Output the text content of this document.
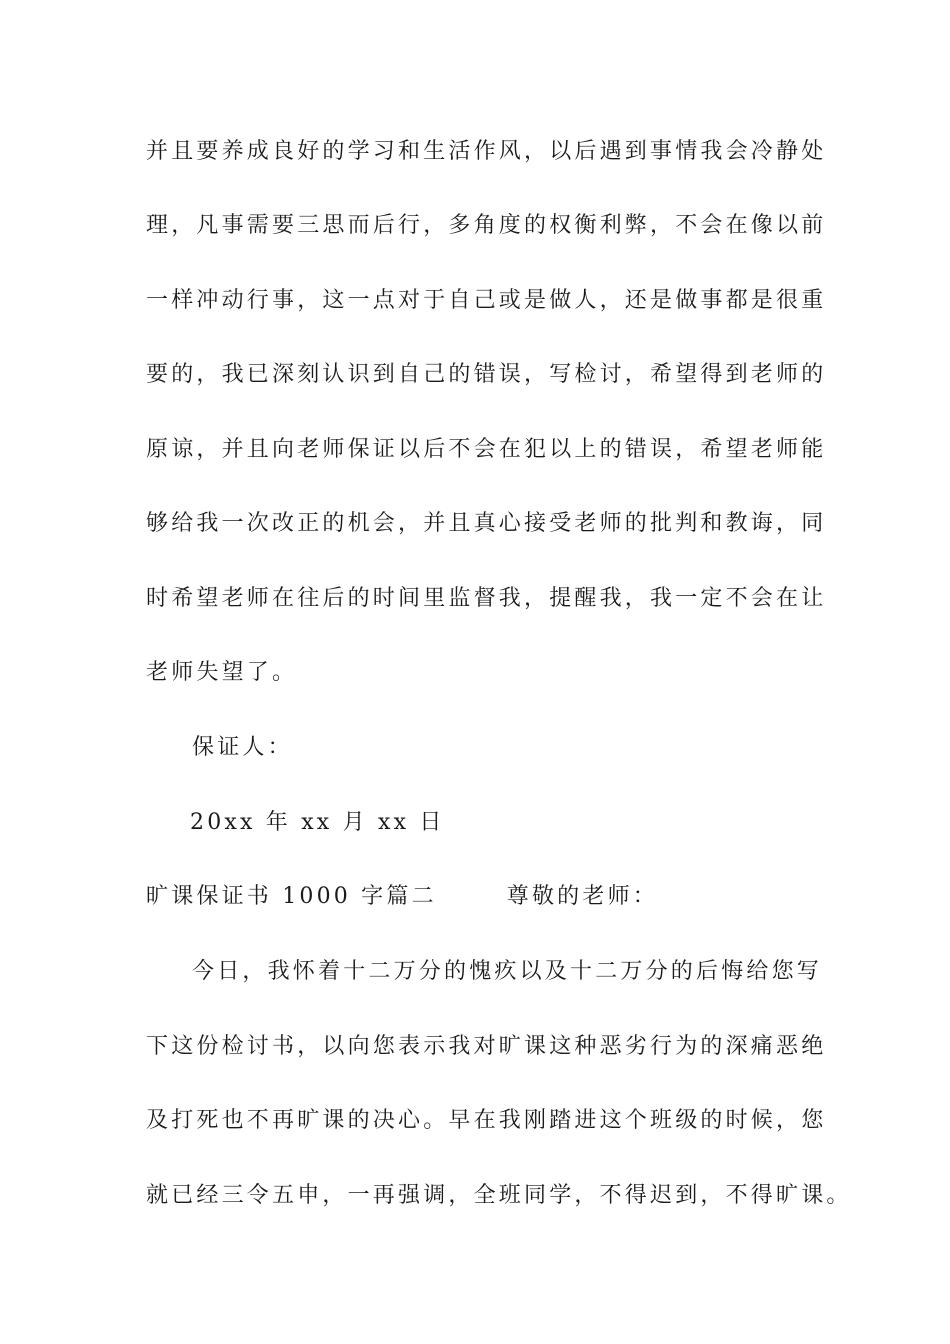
并且要养成良好的学习和生活作风，以后遇到事情我会冷静处
理，凡事需要三思而后行，多角度的权衡利弊，不会在像以前
一样冲动行事，这一点对于自己或是做人，还是做事都是很重
要的，我已深刻认识到自己的错误，写检讨，希望得到老师的
原谅，并且向老师保证以后不会在犯以上的错误，希望老师能
够给我一次改正的机会，并且真心接受老师的批判和教诲，同
时希望老师在往后的时间里监督我，提醒我，我一定不会在让
老师失望了。
保证人：
20xx 年 xx 月 xx 日
旷课保证书 1000 字篇二	尊敬的老师：
今日，我怀着十二万分的愧疚以及十二万分的后悔给您写
下这份检讨书，以向您表示我对旷课这种恶劣行为的深痛恶绝
及打死也不再旷课的决心。早在我刚踏进这个班级的时候，您
就已经三令五申，一再强调，全班同学，不得迟到，不得旷课。
